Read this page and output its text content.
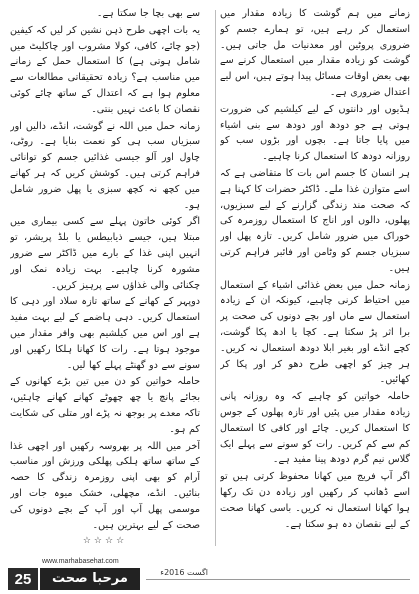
زمانے میں ہم گوشت کا زیادہ مقدار میں استعمال کر رہے ہیں، تو ہمارے جسم کو ضروری پروٹین اور معدنیات مل جاتی ہیں۔ گوشت کو زیادہ مقدار میں استعمال کرنے سے بھی بعض اوقات مسائل پیدا ہوتے ہیں، اس لیے اعتدال ضروری ہے۔

ہڈیوں اور دانتوں کے لیے کیلشیم کی ضرورت ہوتی ہے جو دودھ اور دودھ سے بنی اشیاء میں پایا جاتا ہے۔ بچوں اور بڑوں سب کو روزانہ دودھ کا استعمال کرنا چاہیے۔

ہر انسان کا جسم اس بات کا متقاضی ہے کہ اسے متوازن غذا ملے۔ ڈاکٹر حضرات کا کہنا ہے کہ صحت مند زندگی گزارنے کے لیے سبزیوں، پھلوں، دالوں اور اناج کا استعمال روزمرہ کی خوراک میں ضرور شامل کریں۔ تازہ پھل اور سبزیاں جسم کو وٹامن اور فائبر فراہم کرتی ہیں۔

زمانہ حمل میں بعض غذائی اشیاء کے استعمال میں احتیاط کرنی چاہیے، کیونکہ ان کے زیادہ استعمال سے ماں اور بچے دونوں کی صحت پر برا اثر پڑ سکتا ہے۔ کچا یا ادھ پکا گوشت، کچے انڈے اور بغیر ابلا دودھ استعمال نہ کریں۔ ہر چیز کو اچھی طرح دھو کر اور پکا کر کھائیں۔

حاملہ خواتین کو چاہیے کہ وہ روزانہ پانی زیادہ مقدار میں پئیں اور تازہ پھلوں کے جوس کا استعمال کریں۔ چائے اور کافی کا استعمال کم سے کم کریں۔ رات کو سونے سے پہلے ایک گلاس نیم گرم دودھ پینا مفید ہے۔

اگر آپ فریج میں کھانا محفوظ کرتی ہیں تو اسے ڈھانپ کر رکھیں اور زیادہ دن تک رکھا ہوا کھانا استعمال نہ کریں۔ باسی کھانا صحت کے لیے نقصان دہ ہو سکتا ہے۔

سے بھی بچا جا سکتا ہے۔

یہ بات اچھی طرح ذہن نشین کر لیں کہ کیفین (جو چائے، کافی، کولا مشروب اور چاکلیٹ میں شامل ہوتی ہے) کا استعمال حمل کے زمانے میں مناسب ہے؟ زیادہ تحقیقاتی مطالعات سے معلوم ہوا ہے کہ اعتدال کے ساتھ چائے کوئی نقصان کا باعث نہیں بنتی۔

زمانہ حمل میں اللہ نے گوشت، انڈے، دالیں اور سبزیاں سب ہی کو نعمت بنایا ہے۔ روٹی، چاول اور آلو جیسی غذائیں جسم کو توانائی فراہم کرتی ہیں۔ کوشش کریں کہ ہر کھانے میں کچھ نہ کچھ سبزی یا پھل ضرور شامل ہو۔

اگر کوئی خاتون پہلے سے کسی بیماری میں مبتلا ہیں، جیسے ذیابیطس یا بلڈ پریشر، تو انہیں اپنی غذا کے بارے میں ڈاکٹر سے ضرور مشورہ کرنا چاہیے۔ بہت زیادہ نمک اور چکنائی والی غذاؤں سے پرہیز کریں۔

دوپہر کے کھانے کے ساتھ تازہ سلاد اور دہی کا استعمال کریں۔ دہی ہاضمے کے لیے بہت مفید ہے اور اس میں کیلشیم بھی وافر مقدار میں موجود ہوتا ہے۔ رات کا کھانا ہلکا رکھیں اور سونے سے دو گھنٹے پہلے کھا لیں۔

حاملہ خواتین کو دن میں تین بڑے کھانوں کے بجائے پانچ یا چھ چھوٹے کھانے کھانے چاہئیں، تاکہ معدے پر بوجھ نہ پڑے اور متلی کی شکایت کم ہو۔

آخر میں اللہ پر بھروسہ رکھیں اور اچھی غذا کے ساتھ ساتھ ہلکی پھلکی ورزش اور مناسب آرام کو بھی اپنی روزمرہ زندگی کا حصہ بنائیں۔ انڈے، مچھلی، خشک میوہ جات اور موسمی پھل آپ اور آپ کے بچے دونوں کی صحت کے لیے بہترین ہیں۔

☆☆☆☆
www.marhabasehat.com
25	مرحبا صحت	اگست 2016ء
